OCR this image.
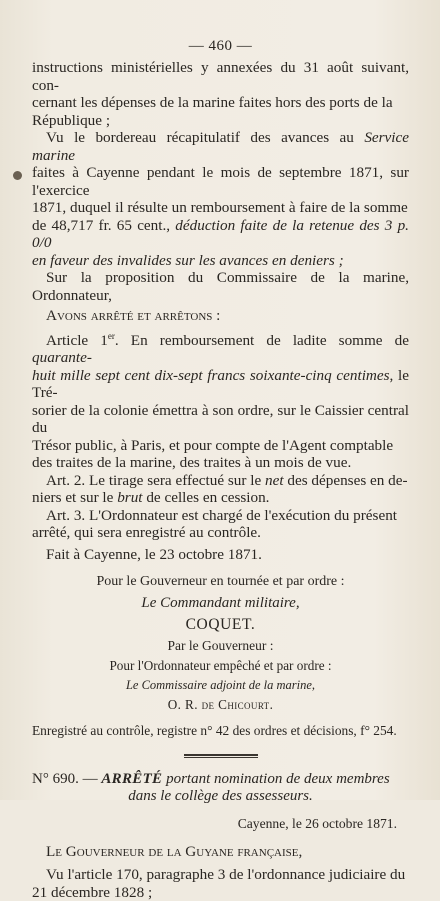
— 460 —

instructions ministérielles y annexées du 31 août suivant, con-

cernant les dépenses de la marine faites hors des ports de la

République ;

Vu le bordereau récapitulatif des avances au Service marine

faites à Cayenne pendant le mois de septembre 1871, sur l'exercice

1871, duquel il résulte un remboursement à faire de la somme

de 48,717 fr. 65 cent., déduction faite de la retenue des 3 p. 0/0

en faveur des invalides sur les avances en deniers ;

Sur la proposition du Commissaire de la marine, Ordonnateur,

Avons arrêté et arrêtons :

Article 1er. En remboursement de ladite somme de quarante-

huit mille sept cent dix-sept francs soixante-cinq centimes, le Tré-

sorier de la colonie émettra à son ordre, sur le Caissier central du

Trésor public, à Paris, et pour compte de l'Agent comptable

des traites de la marine, des traites à un mois de vue.

Art. 2. Le tirage sera effectué sur le net des dépenses en de-

niers et sur le brut de celles en cession.

Art. 3. L'Ordonnateur est chargé de l'exécution du présent

arrêté, qui sera enregistré au contrôle.

Fait à Cayenne, le 23 octobre 1871.

Pour le Gouverneur en tournée et par ordre :
Le Commandant militaire,
COQUET.
Par le Gouverneur :
Pour l'Ordonnateur empêché et par ordre :
Le Commissaire adjoint de la marine,
O. R. de Chicourt.

Enregistré au contrôle, registre n° 42 des ordres et décisions, f° 254.

N° 690. — ARRÊTÉ portant nomination de deux membres

dans le collège des assesseurs.

Cayenne, le 26 octobre 1871.

Le Gouverneur de la Guyane française,

Vu l'article 170, paragraphe 3 de l'ordonnance judiciaire du

21 décembre 1828 ;
